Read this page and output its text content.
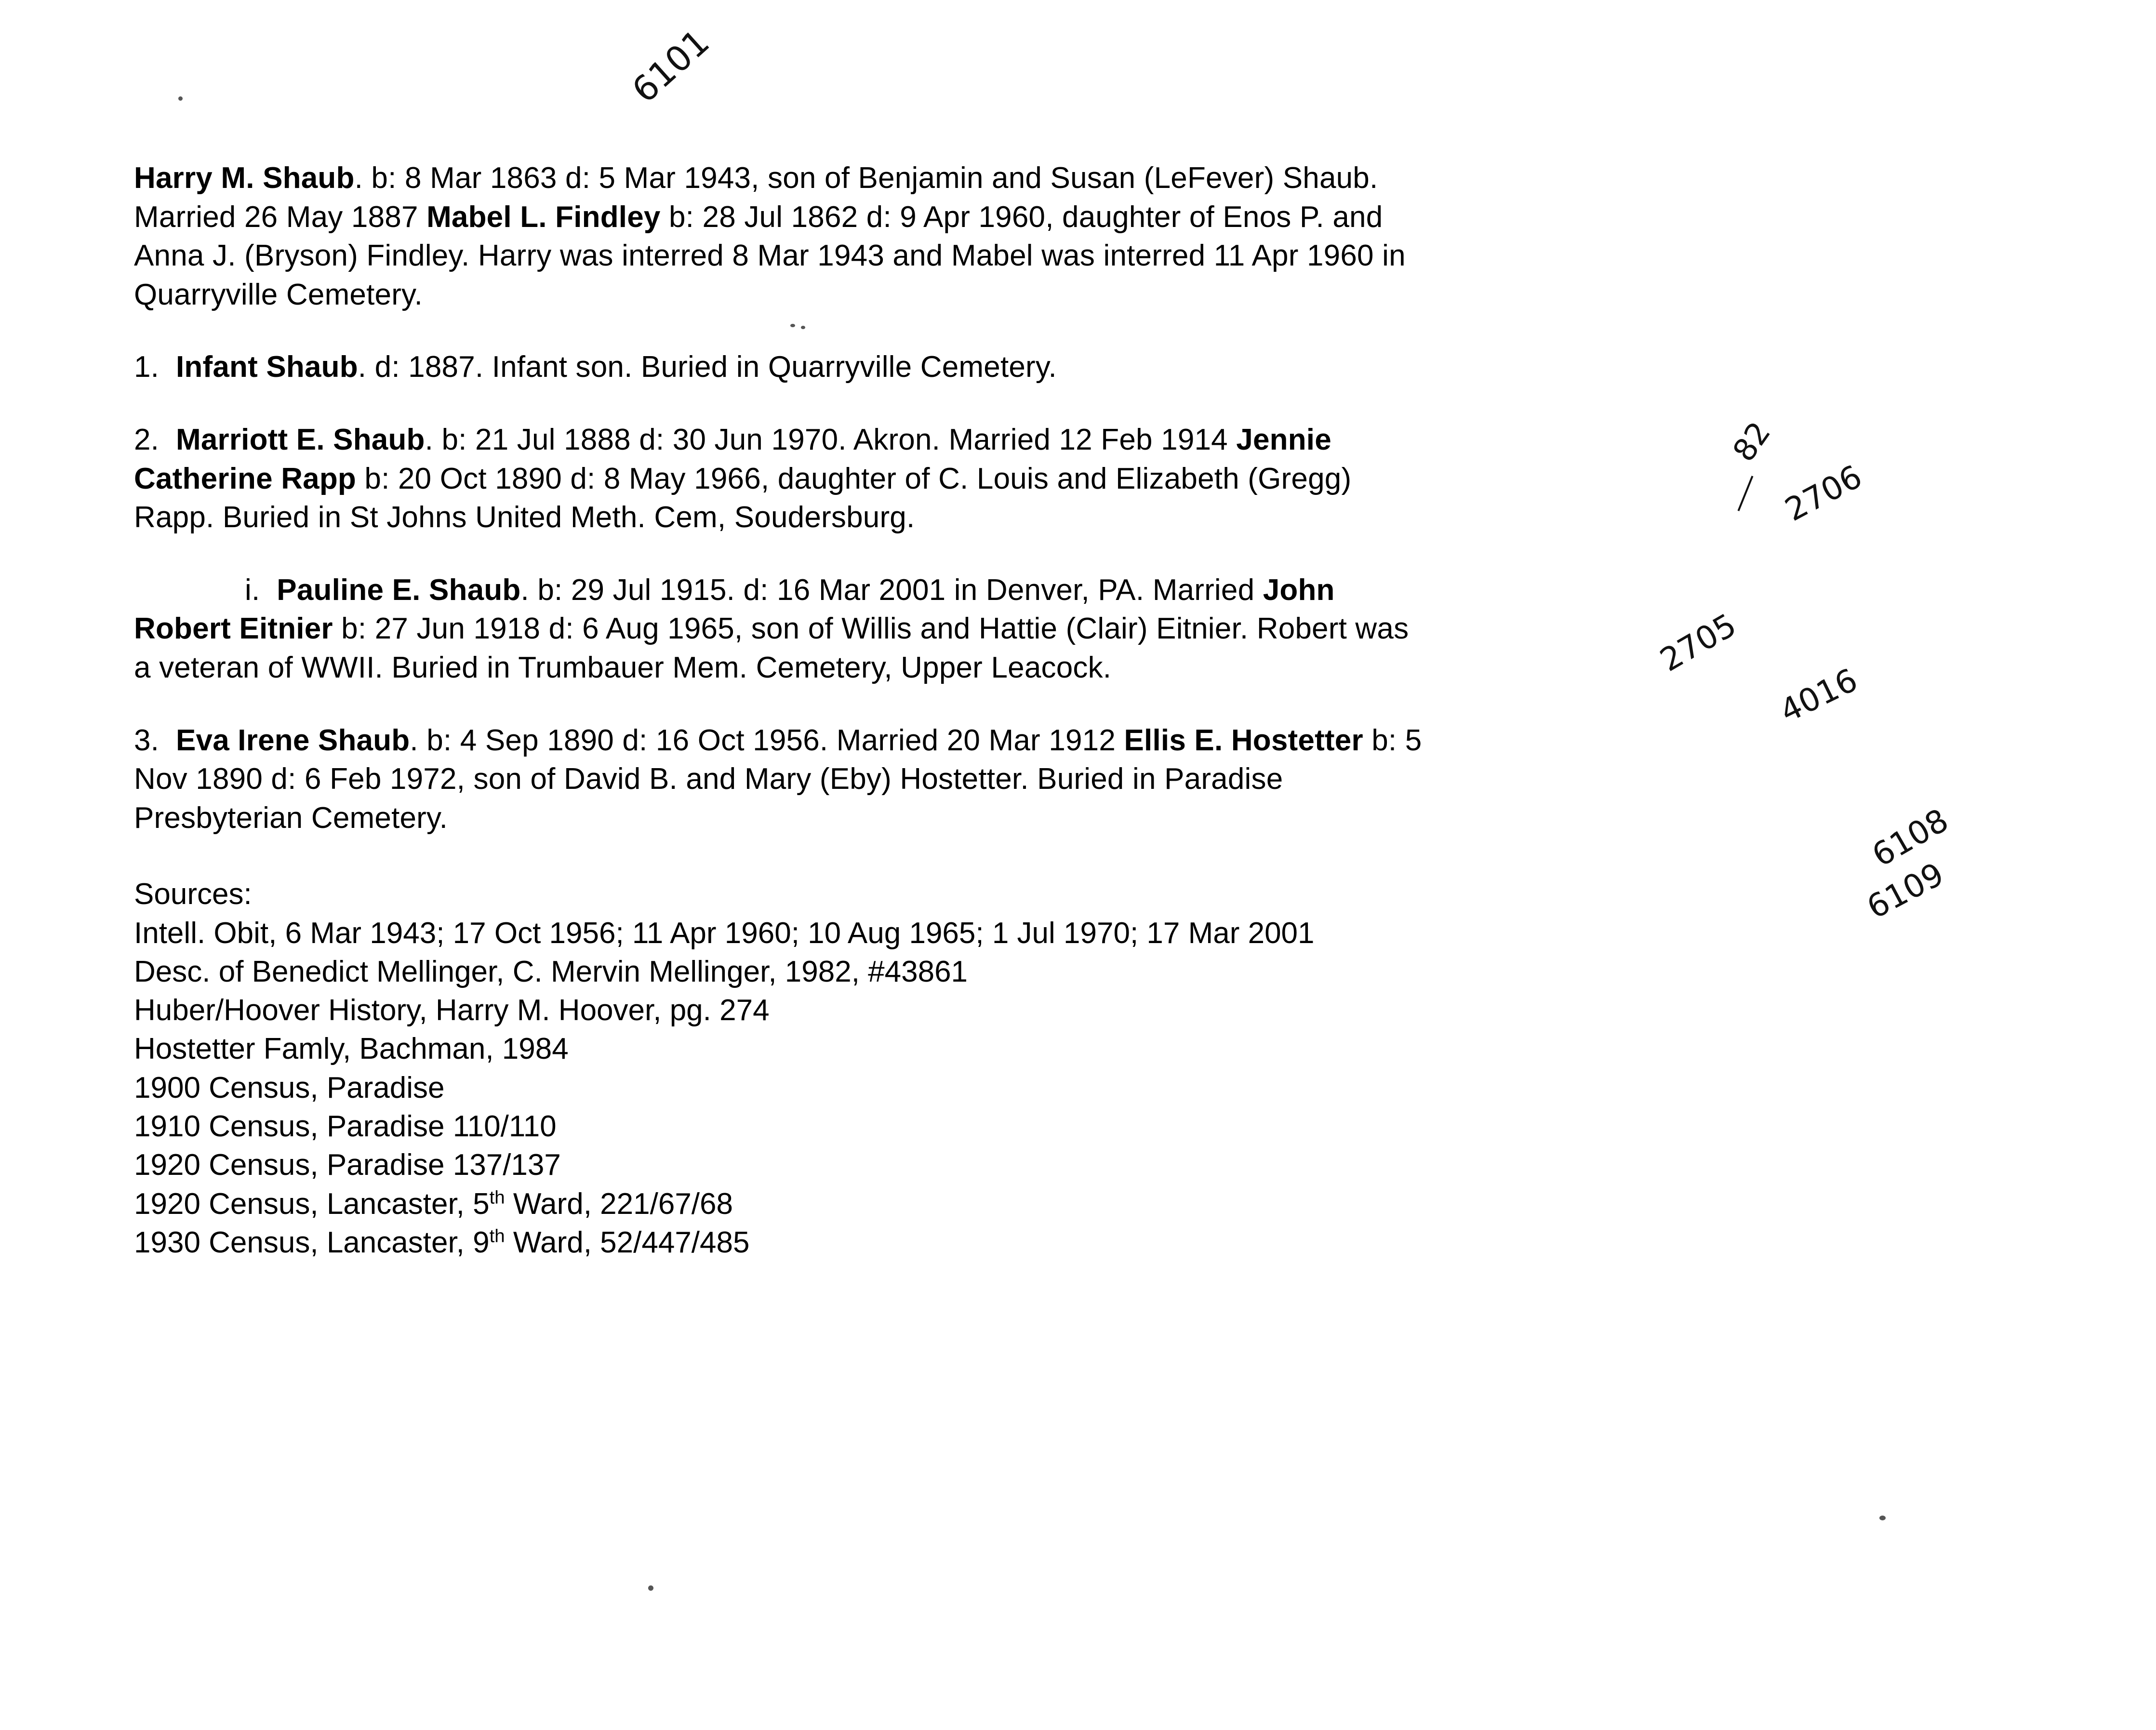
Harry M. Shaub. b: 8 Mar 1863 d: 5 Mar 1943, son of Benjamin and Susan (LeFever) Shaub.
Married 26 May 1887 Mabel L. Findley b: 28 Jul 1862 d: 9 Apr 1960, daughter of Enos P. and
Anna J. (Bryson) Findley. Harry was interred 8 Mar 1943 and Mabel was interred 11 Apr 1960 in
Quarryville Cemetery.
1. Infant Shaub. d: 1887. Infant son. Buried in Quarryville Cemetery.
2. Marriott E. Shaub. b: 21 Jul 1888 d: 30 Jun 1970. Akron. Married 12 Feb 1914 Jennie
Catherine Rapp b: 20 Oct 1890 d: 8 May 1966, daughter of C. Louis and Elizabeth (Gregg)
Rapp. Buried in St Johns United Meth. Cem, Soudersburg.
i. Pauline E. Shaub. b: 29 Jul 1915. d: 16 Mar 2001 in Denver, PA. Married John
Robert Eitnier b: 27 Jun 1918 d: 6 Aug 1965, son of Willis and Hattie (Clair) Eitnier. Robert was
a veteran of WWII. Buried in Trumbauer Mem. Cemetery, Upper Leacock.
3. Eva Irene Shaub. b: 4 Sep 1890 d: 16 Oct 1956. Married 20 Mar 1912 Ellis E. Hostetter b: 5
Nov 1890 d: 6 Feb 1972, son of David B. and Mary (Eby) Hostetter. Buried in Paradise
Presbyterian Cemetery.
Sources:
Intell. Obit, 6 Mar 1943; 17 Oct 1956; 11 Apr 1960; 10 Aug 1965; 1 Jul 1970; 17 Mar 2001
Desc. of Benedict Mellinger, C. Mervin Mellinger, 1982, #43861
Huber/Hoover History, Harry M. Hoover, pg. 274
Hostetter Famly, Bachman, 1984
1900 Census, Paradise
1910 Census, Paradise 110/110
1920 Census, Paradise 137/137
1920 Census, Lancaster, 5th Ward, 221/67/68
1930 Census, Lancaster, 9th Ward, 52/447/485
6101
82
2706
2705
4016
6108
6109
